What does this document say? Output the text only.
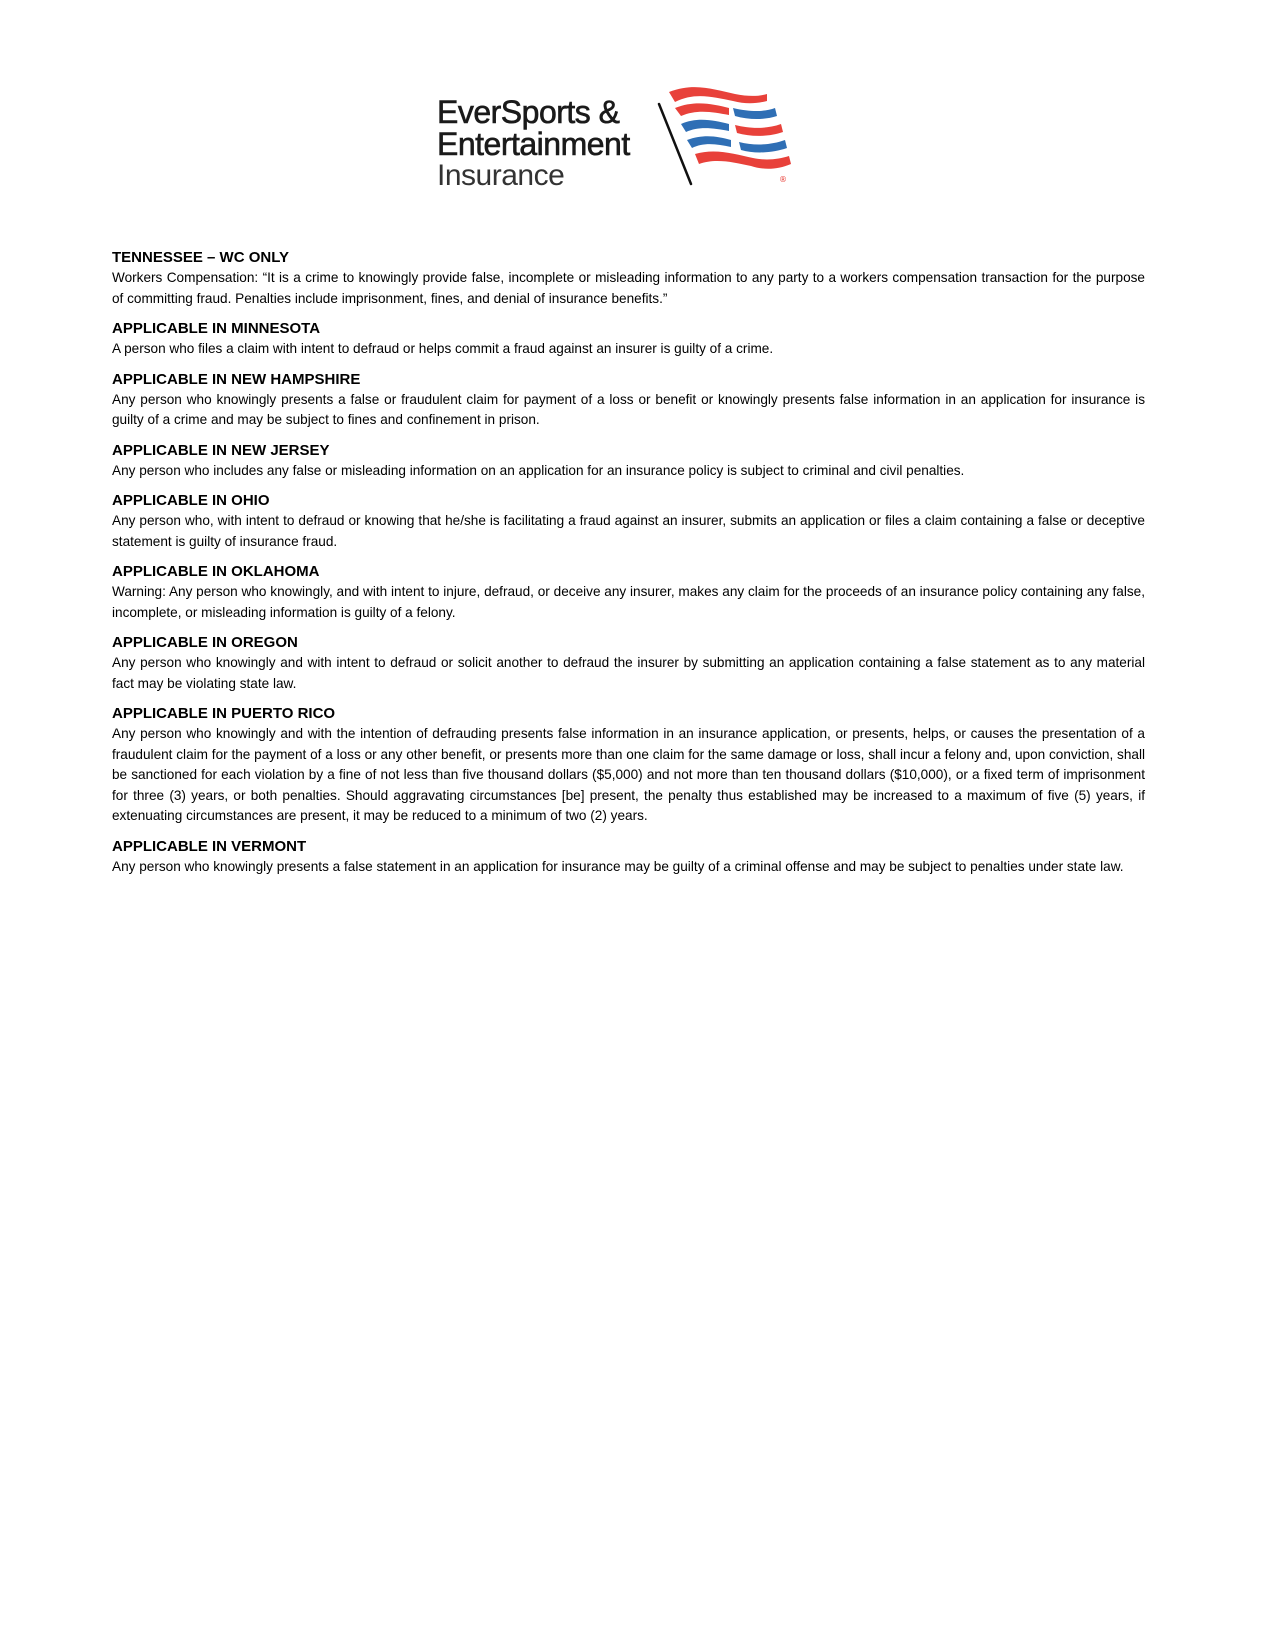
EverSports &
Entertainment
Insurance	®
TENNESSEE – WC ONLY

Workers Compensation: “It is a crime to knowingly provide false, incomplete or misleading information to any party to a workers compensation transaction for the purpose of committing fraud. Penalties include imprisonment, fines, and denial of insurance benefits.”

APPLICABLE IN MINNESOTA

A person who files a claim with intent to defraud or helps commit a fraud against an insurer is guilty of a crime.

APPLICABLE IN NEW HAMPSHIRE

Any person who knowingly presents a false or fraudulent claim for payment of a loss or benefit or knowingly presents false information in an application for insurance is guilty of a crime and may be subject to fines and confinement in prison.

APPLICABLE IN NEW JERSEY

Any person who includes any false or misleading information on an application for an insurance policy is subject to criminal and civil penalties.

APPLICABLE IN OHIO

Any person who, with intent to defraud or knowing that he/she is facilitating a fraud against an insurer, submits an application or files a claim containing a false or deceptive statement is guilty of insurance fraud.

APPLICABLE IN OKLAHOMA

Warning: Any person who knowingly, and with intent to injure, defraud, or deceive any insurer, makes any claim for the proceeds of an insurance policy containing any false, incomplete, or misleading information is guilty of a felony.

APPLICABLE IN OREGON

Any person who knowingly and with intent to defraud or solicit another to defraud the insurer by submitting an application containing a false statement as to any material fact may be violating state law.

APPLICABLE IN PUERTO RICO

Any person who knowingly and with the intention of defrauding presents false information in an insurance application, or presents, helps, or causes the presentation of a fraudulent claim for the payment of a loss or any other benefit, or presents more than one claim for the same damage or loss, shall incur a felony and, upon conviction, shall be sanctioned for each violation by a fine of not less than five thousand dollars ($5,000) and not more than ten thousand dollars ($10,000), or a fixed term of imprisonment for three (3) years, or both penalties. Should aggravating circumstances [be] present, the penalty thus established may be increased to a maximum of five (5) years, if extenuating circumstances are present, it may be reduced to a minimum of two (2) years.

APPLICABLE IN VERMONT

Any person who knowingly presents a false statement in an application for insurance may be guilty of a criminal offense and may be subject to penalties under state law.
